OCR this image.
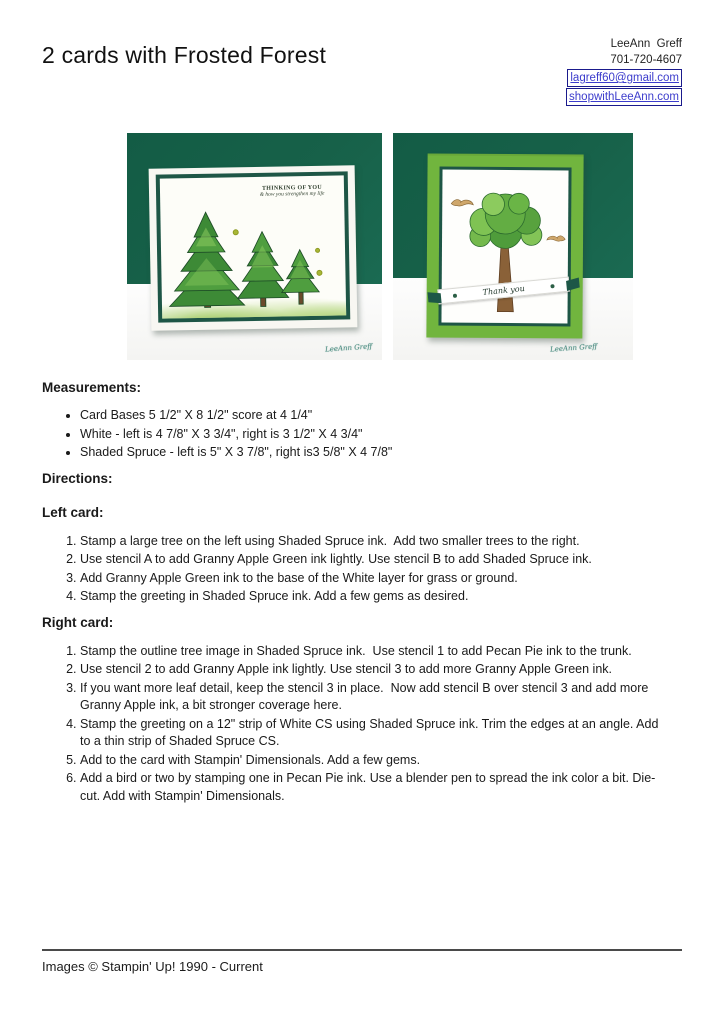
2 cards with Frosted Forest	LeeAnn  Greff
701-720-4607
lagreff60@gmail.com
shopwithLeeAnn.com
THINKING OF YOU
& how you strengthen my life
LeeAnn Greff
Thank you
LeeAnn Greff
Measurements:
• Card Bases 5 1/2" X 8 1/2" score at 4 1/4"
• White - left is 4 7/8" X 3 3/4", right is 3 1/2" X 4 3/4"
• Shaded Spruce - left is 5" X 3 7/8", right is3 5/8" X 4 7/8"
Directions:
Left card:
1. Stamp a large tree on the left using Shaded Spruce ink.  Add two smaller trees to the right.
2. Use stencil A to add Granny Apple Green ink lightly. Use stencil B to add Shaded Spruce ink.
3. Add Granny Apple Green ink to the base of the White layer for grass or ground.
4. Stamp the greeting in Shaded Spruce ink. Add a few gems as desired.
Right card:
1. Stamp the outline tree image in Shaded Spruce ink.  Use stencil 1 to add Pecan Pie ink to the trunk.
2. Use stencil 2 to add Granny Apple ink lightly. Use stencil 3 to add more Granny Apple Green ink.
3. If you want more leaf detail, keep the stencil 3 in place.  Now add stencil B over stencil 3 and add more Granny Apple ink, a bit stronger coverage here.
4. Stamp the greeting on a 12" strip of White CS using Shaded Spruce ink. Trim the edges at an angle. Add to a thin strip of Shaded Spruce CS.
5. Add to the card with Stampin' Dimensionals. Add a few gems.
6. Add a bird or two by stamping one in Pecan Pie ink. Use a blender pen to spread the ink color a bit. Die-cut. Add with Stampin' Dimensionals.
Images © Stampin' Up! 1990 - Current
